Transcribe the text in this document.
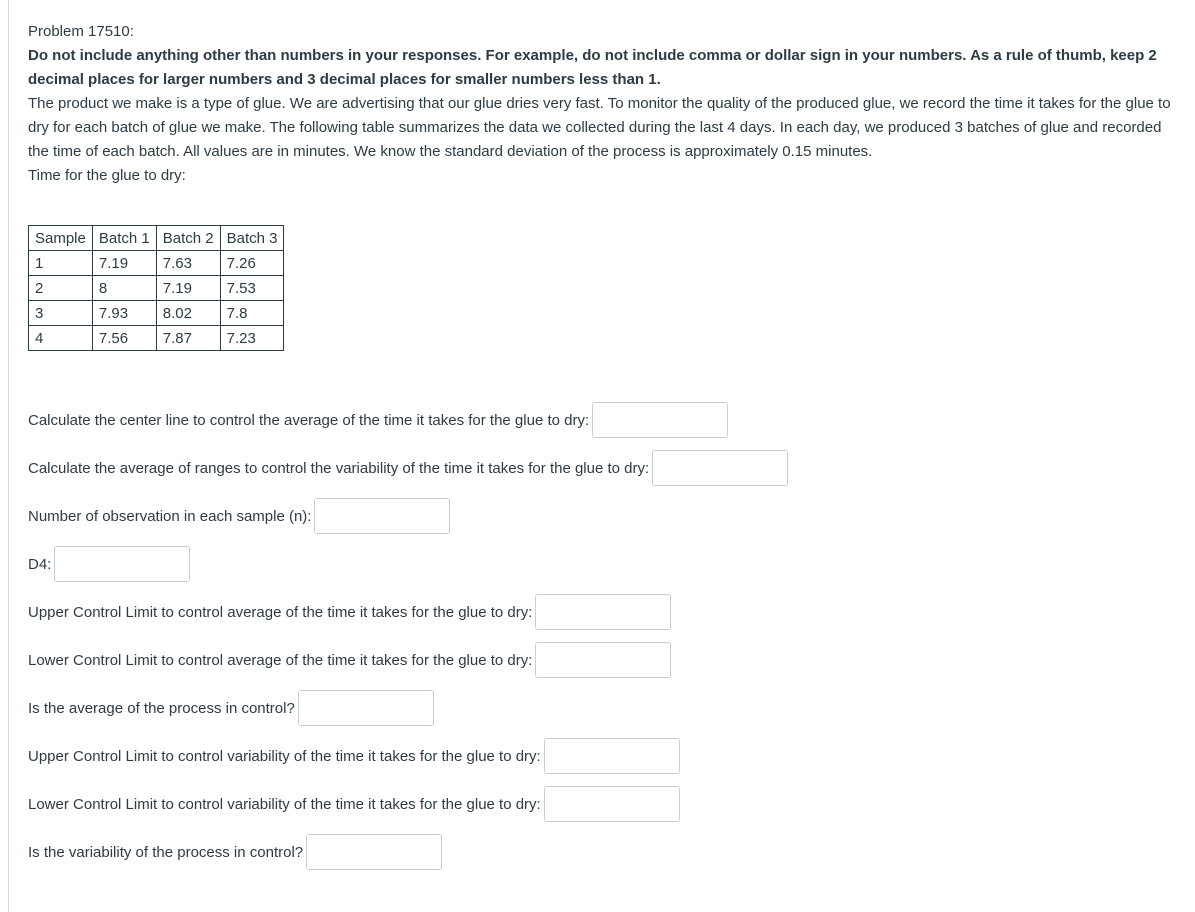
Problem 17510:

Do not include anything other than numbers in your responses. For example, do not include comma or dollar sign in your numbers. As a rule of thumb, keep 2 decimal places for larger numbers and 3 decimal places for smaller numbers less than 1.

The product we make is a type of glue. We are advertising that our glue dries very fast. To monitor the quality of the produced glue, we record the time it takes for the glue to dry for each batch of glue we make. The following table summarizes the data we collected during the last 4 days. In each day, we produced 3 batches of glue and recorded the time of each batch. All values are in minutes. We know the standard deviation of the process is approximately 0.15 minutes.

Time for the glue to dry:

Sample	Batch 1	Batch 2	Batch 3
1	7.19	7.63	7.26
2	8	7.19	7.53
3	7.93	8.02	7.8
4	7.56	7.87	7.23
Calculate the center line to control the average of the time it takes for the glue to dry:
Calculate the average of ranges to control the variability of the time it takes for the glue to dry:
Number of observation in each sample (n):
D4:
Upper Control Limit to control average of the time it takes for the glue to dry:
Lower Control Limit to control average of the time it takes for the glue to dry:
Is the average of the process in control?
Upper Control Limit to control variability of the time it takes for the glue to dry:
Lower Control Limit to control variability of the time it takes for the glue to dry:
Is the variability of the process in control?
